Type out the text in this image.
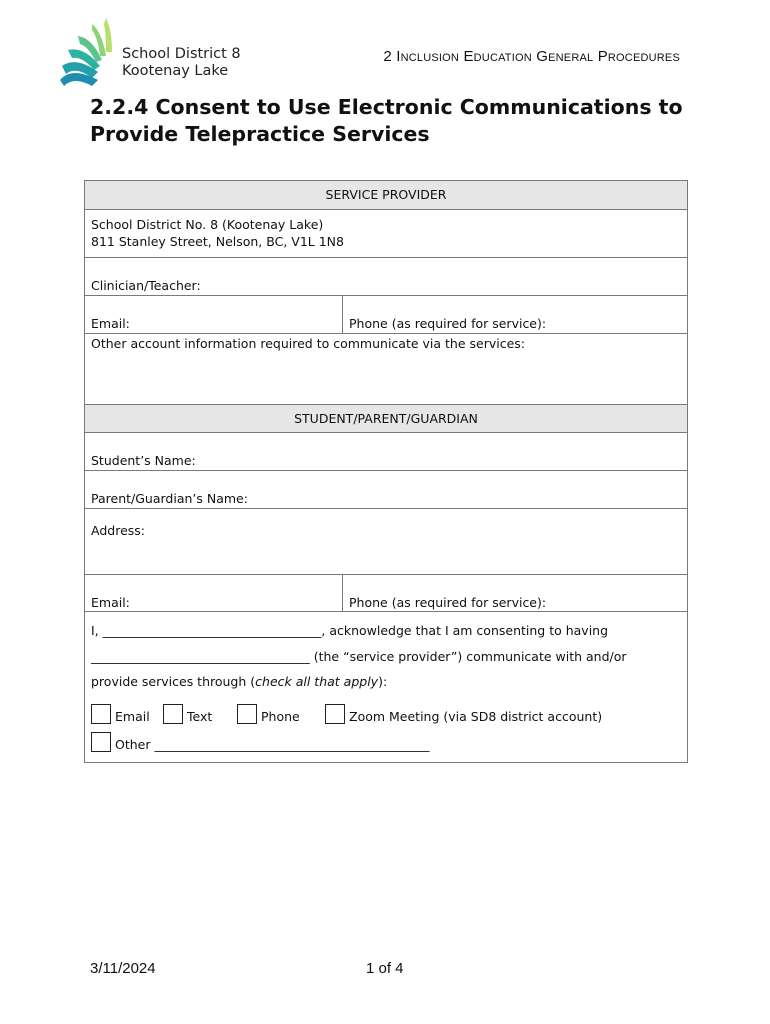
School District 8
Kootenay Lake
2 Inclusion Education General Procedures
2.2.4 Consent to Use Electronic Communications to
Provide Telepractice Services
SERVICE PROVIDER
School District No. 8 (Kootenay Lake)
811 Stanley Street, Nelson, BC, V1L 1N8
Clinician/Teacher:
Email:	Phone (as required for service):
Other account information required to communicate via the services:
STUDENT/PARENT/GUARDIAN
Student’s Name:
Parent/Guardian’s Name:
Address:
Email:	Phone (as required for service):
I, ___________________________________, acknowledge that I am consenting to having
___________________________________ (the “service provider”) communicate with and/or
provide services through (check all that apply):
Email	Text	Phone	Zoom Meeting (via SD8 district account)
Other ____________________________________________
3/11/2024	1 of 4
